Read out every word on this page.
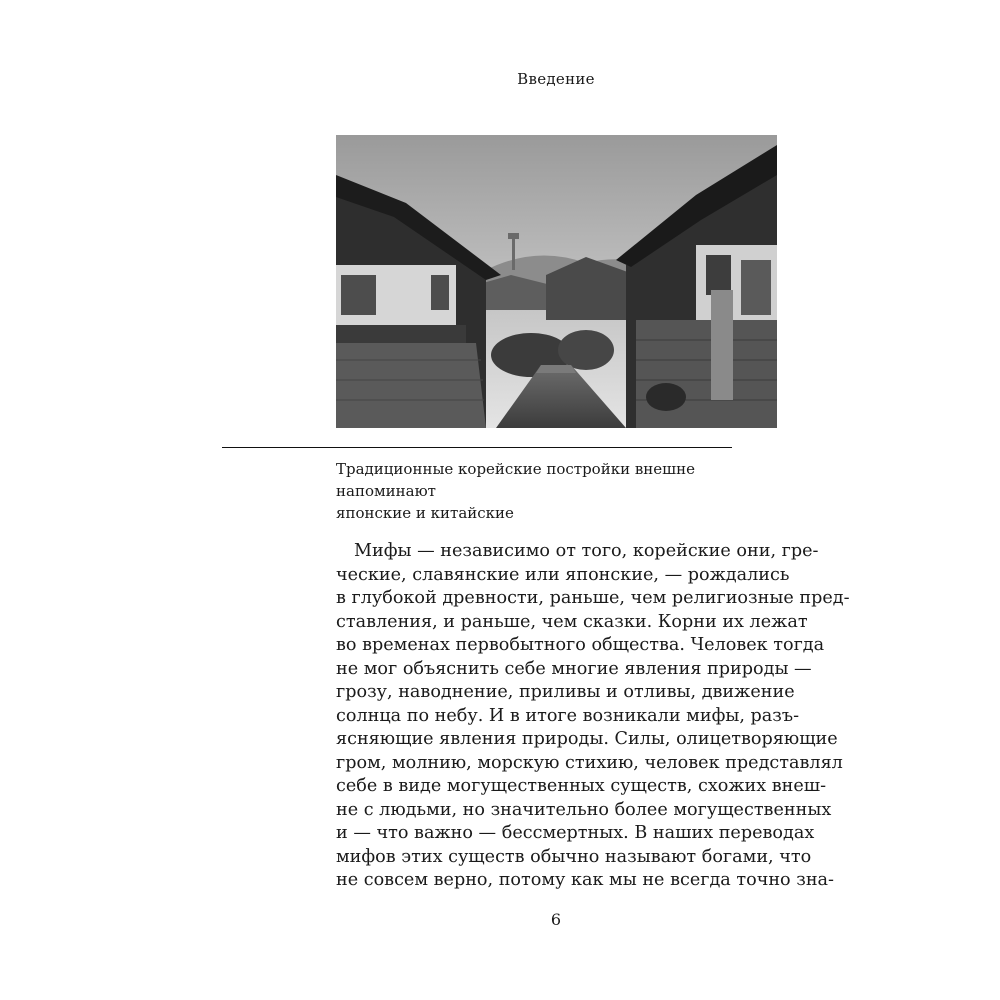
Введение
Традиционные корейские постройки внешне напоминают
японские и китайские
Мифы — независимо от того, корейские они, гре-
ческие, славянские или японские, — рождались
в глубокой древности, раньше, чем религиозные пред-
ставления, и раньше, чем сказки. Корни их лежат
во временах первобытного общества. Человек тогда
не мог объяснить себе многие явления природы —
грозу, наводнение, приливы и отливы, движение
солнца по небу. И в итоге возникали мифы, разъ-
ясняющие явления природы. Силы, олицетворяющие
гром, молнию, морскую стихию, человек представлял
себе в виде могущественных существ, схожих внеш-
не с людьми, но значительно более могущественных
и — что важно — бессмертных. В наших переводах
мифов этих существ обычно называют богами, что
не совсем верно, потому как мы не всегда точно зна-
6
